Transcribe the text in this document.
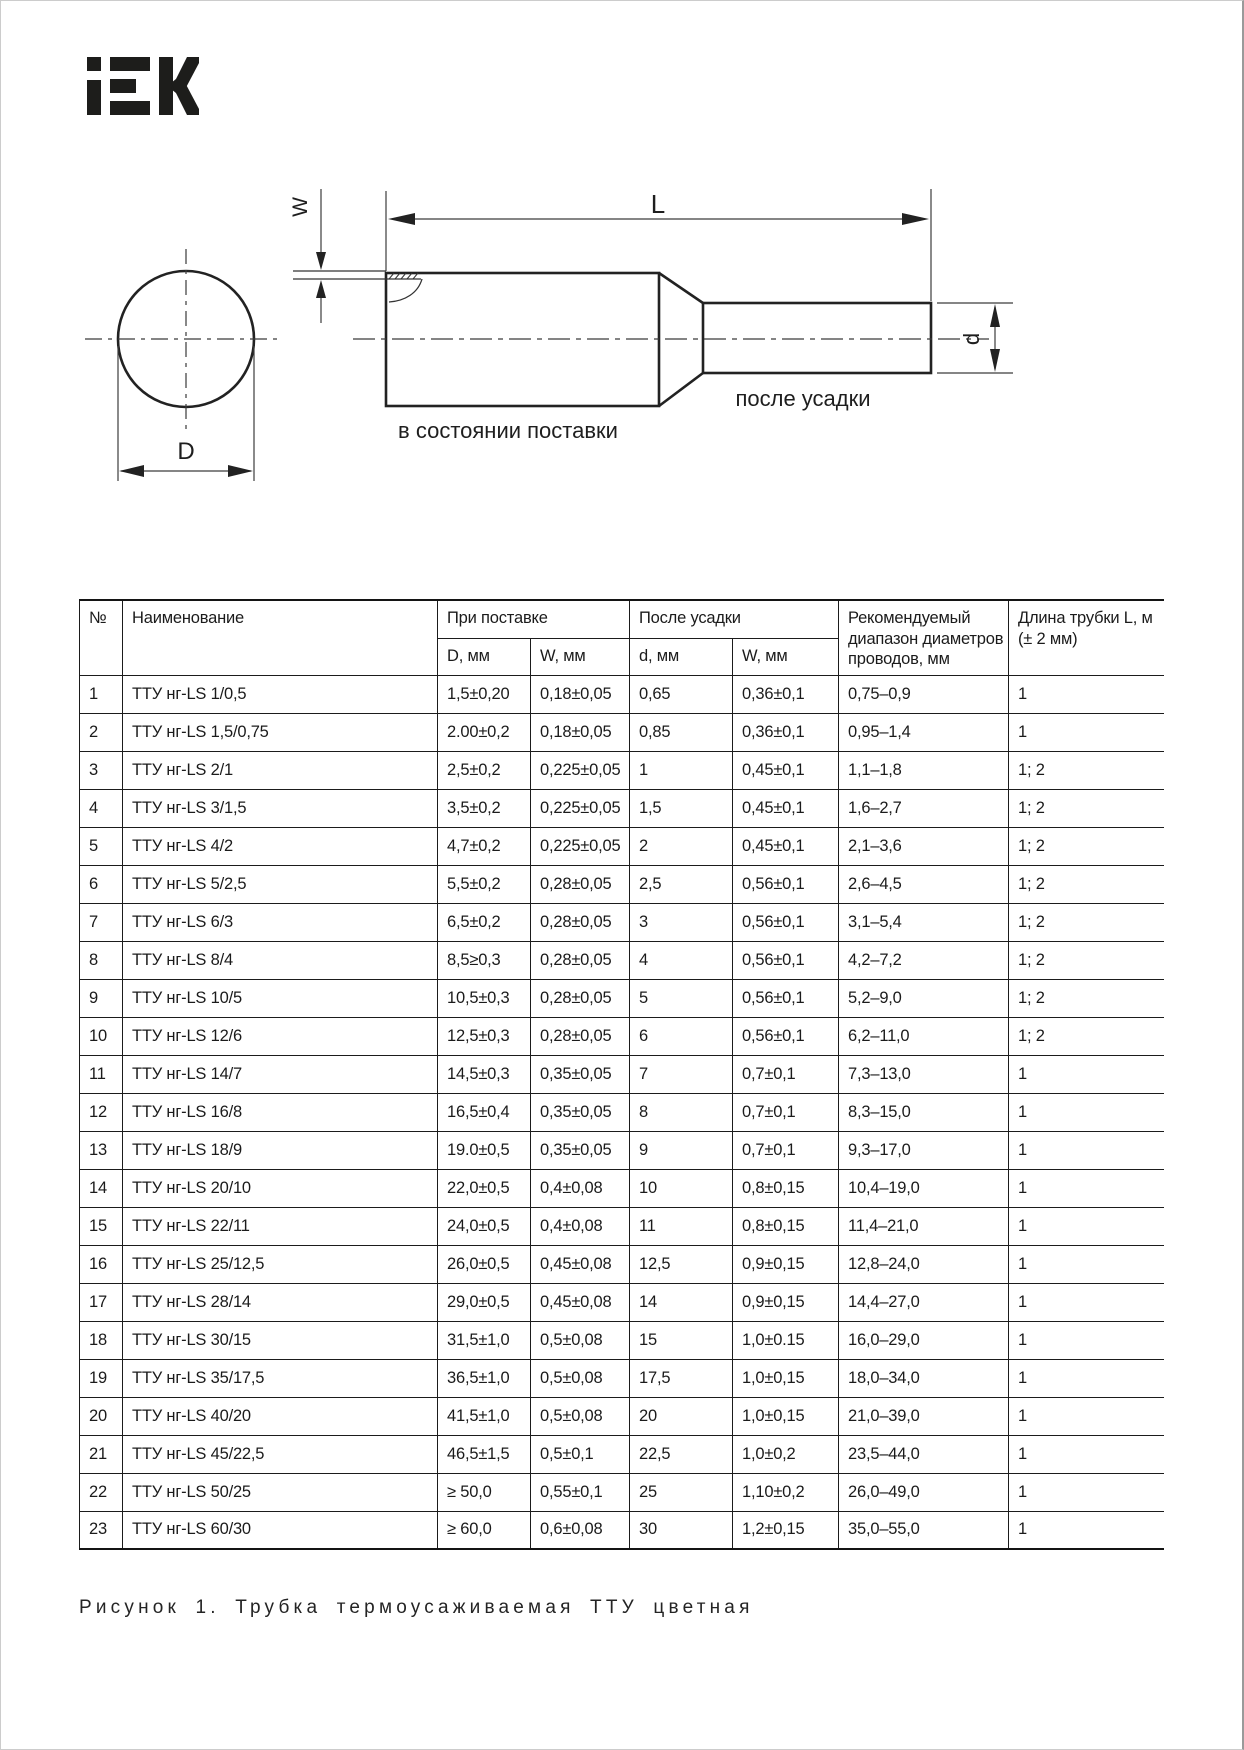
D
W	L
d
в состоянии поставки
после усадки
№	Наименование	При поставке		После усадки		Рекомендуемый диапазон диаметров проводов, мм	Длина трубки L, м (± 2 мм)
		D, мм	W, мм	d, мм	W, мм		
1	ТТУ нг-LS 1/0,5	1,5±0,20	0,18±0,05	0,65	0,36±0,1	0,75–0,9	1
2	ТТУ нг-LS 1,5/0,75	2.00±0,2	0,18±0,05	0,85	0,36±0,1	0,95–1,4	1
3	ТТУ нг-LS 2/1	2,5±0,2	0,225±0,05	1	0,45±0,1	1,1–1,8	1; 2
4	ТТУ нг-LS 3/1,5	3,5±0,2	0,225±0,05	1,5	0,45±0,1	1,6–2,7	1; 2
5	ТТУ нг-LS 4/2	4,7±0,2	0,225±0,05	2	0,45±0,1	2,1–3,6	1; 2
6	ТТУ нг-LS 5/2,5	5,5±0,2	0,28±0,05	2,5	0,56±0,1	2,6–4,5	1; 2
7	ТТУ нг-LS 6/3	6,5±0,2	0,28±0,05	3	0,56±0,1	3,1–5,4	1; 2
8	ТТУ нг-LS 8/4	8,5≥0,3	0,28±0,05	4	0,56±0,1	4,2–7,2	1; 2
9	ТТУ нг-LS 10/5	10,5±0,3	0,28±0,05	5	0,56±0,1	5,2–9,0	1; 2
10	ТТУ нг-LS 12/6	12,5±0,3	0,28±0,05	6	0,56±0,1	6,2–11,0	1; 2
11	ТТУ нг-LS 14/7	14,5±0,3	0,35±0,05	7	0,7±0,1	7,3–13,0	1
12	ТТУ нг-LS 16/8	16,5±0,4	0,35±0,05	8	0,7±0,1	8,3–15,0	1
13	ТТУ нг-LS 18/9	19.0±0,5	0,35±0,05	9	0,7±0,1	9,3–17,0	1
14	ТТУ нг-LS 20/10	22,0±0,5	0,4±0,08	10	0,8±0,15	10,4–19,0	1
15	ТТУ нг-LS 22/11	24,0±0,5	0,4±0,08	11	0,8±0,15	11,4–21,0	1
16	ТТУ нг-LS 25/12,5	26,0±0,5	0,45±0,08	12,5	0,9±0,15	12,8–24,0	1
17	ТТУ нг-LS 28/14	29,0±0,5	0,45±0,08	14	0,9±0,15	14,4–27,0	1
18	ТТУ нг-LS 30/15	31,5±1,0	0,5±0,08	15	1,0±0.15	16,0–29,0	1
19	ТТУ нг-LS 35/17,5	36,5±1,0	0,5±0,08	17,5	1,0±0,15	18,0–34,0	1
20	ТТУ нг-LS 40/20	41,5±1,0	0,5±0,08	20	1,0±0,15	21,0–39,0	1
21	ТТУ нг-LS 45/22,5	46,5±1,5	0,5±0,1	22,5	1,0±0,2	23,5–44,0	1
22	ТТУ нг-LS 50/25	≥ 50,0	0,55±0,1	25	1,10±0,2	26,0–49,0	1
23	ТТУ нг-LS 60/30	≥ 60,0	0,6±0,08	30	1,2±0,15	35,0–55,0	1
Рисунок 1. Трубка термоусаживаемая ТТУ цветная
